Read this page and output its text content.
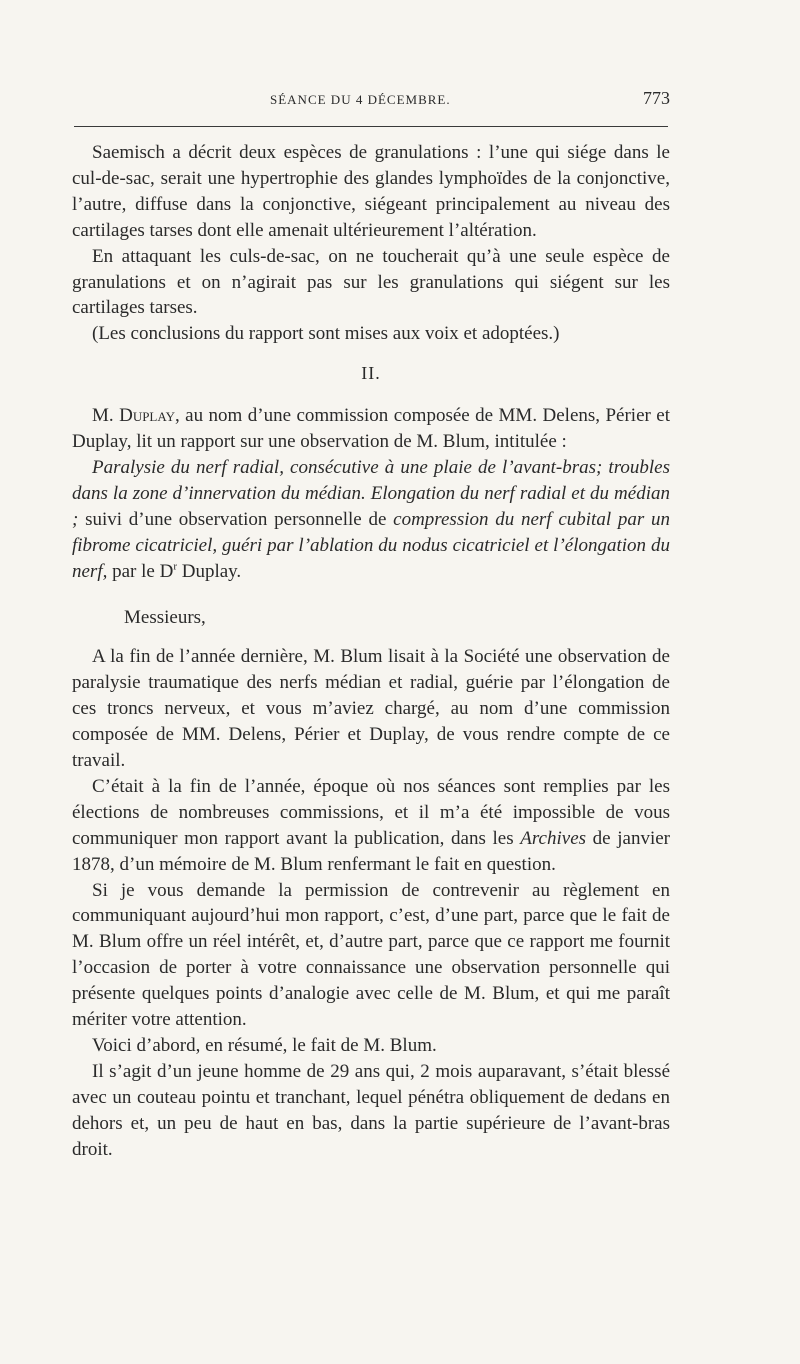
SÉANCE DU 4 DÉCEMBRE.	773

Saemisch a décrit deux espèces de granulations : l’une qui siége dans le cul-de-sac, serait une hypertrophie des glandes lymphoïdes de la conjonctive, l’autre, diffuse dans la conjonctive, siégeant principalement au niveau des cartilages tarses dont elle amenait ultérieurement l’altération.

En attaquant les culs-de-sac, on ne toucherait qu’à une seule espèce de granulations et on n’agirait pas sur les granulations qui siégent sur les cartilages tarses.

(Les conclusions du rapport sont mises aux voix et adoptées.)

II.

M. Duplay, au nom d’une commission composée de MM. Delens, Périer et Duplay, lit un rapport sur une observation de M. Blum, intitulée :

Paralysie du nerf radial, consécutive à une plaie de l’avant-bras; troubles dans la zone d’innervation du médian. Elongation du nerf radial et du médian ; suivi d’une observation personnelle de compression du nerf cubital par un fibrome cicatriciel, guéri par l’ablation du nodus cicatriciel et l’élongation du nerf, par le $D^r$ Duplay.

Messieurs,

A la fin de l’année dernière, M. Blum lisait à la Société une observation de paralysie traumatique des nerfs médian et radial, guérie par l’élongation de ces troncs nerveux, et vous m’aviez chargé, au nom d’une commission composée de MM. Delens, Périer et Duplay, de vous rendre compte de ce travail.

C’était à la fin de l’année, époque où nos séances sont remplies par les élections de nombreuses commissions, et il m’a été impossible de vous communiquer mon rapport avant la publication, dans les Archives de janvier 1878, d’un mémoire de M. Blum renfermant le fait en question.

Si je vous demande la permission de contrevenir au règlement en communiquant aujourd’hui mon rapport, c’est, d’une part, parce que le fait de M. Blum offre un réel intérêt, et, d’autre part, parce que ce rapport me fournit l’occasion de porter à votre connaissance une observation personnelle qui présente quelques points d’analogie avec celle de M. Blum, et qui me paraît mériter votre attention.

Voici d’abord, en résumé, le fait de M. Blum.

Il s’agit d’un jeune homme de 29 ans qui, 2 mois auparavant, s’était blessé avec un couteau pointu et tranchant, lequel pénétra obliquement de dedans en dehors et, un peu de haut en bas, dans la partie supérieure de l’avant-bras droit.
